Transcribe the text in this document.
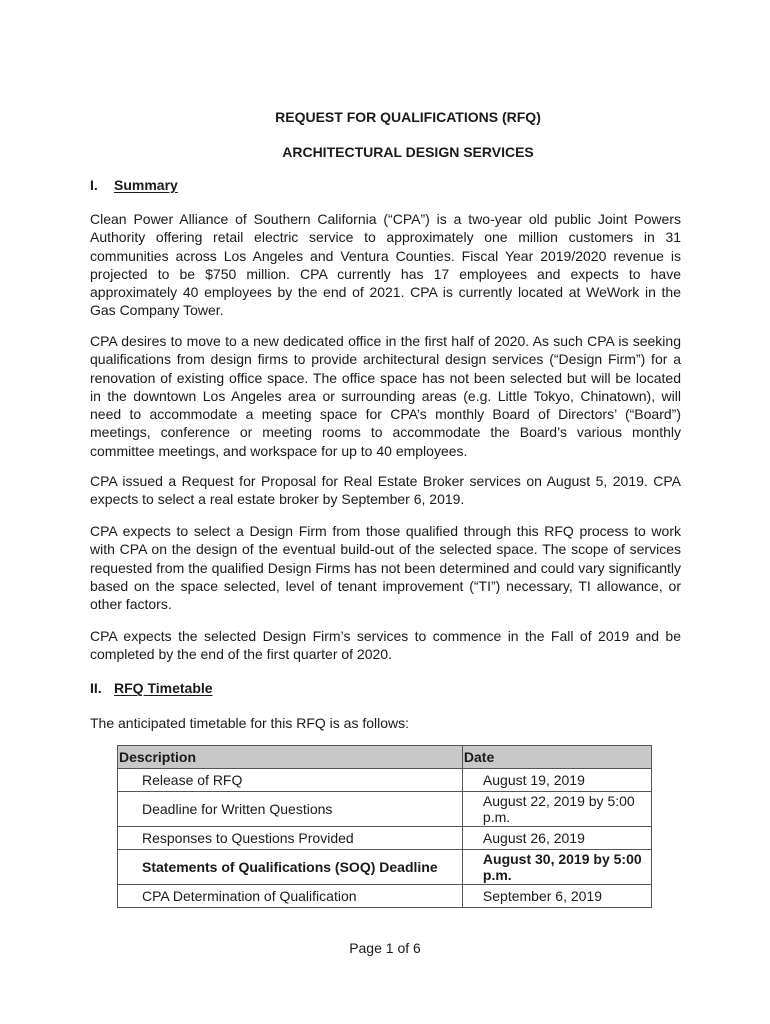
REQUEST FOR QUALIFICATIONS (RFQ)
ARCHITECTURAL DESIGN SERVICES
I. Summary
Clean Power Alliance of Southern California (“CPA”) is a two-year old public Joint Powers Authority offering retail electric service to approximately one million customers in 31 communities across Los Angeles and Ventura Counties. Fiscal Year 2019/2020 revenue is projected to be $750 million. CPA currently has 17 employees and expects to have approximately 40 employees by the end of 2021. CPA is currently located at WeWork in the Gas Company Tower.
CPA desires to move to a new dedicated office in the first half of 2020. As such CPA is seeking qualifications from design firms to provide architectural design services (“Design Firm”) for a renovation of existing office space. The office space has not been selected but will be located in the downtown Los Angeles area or surrounding areas (e.g. Little Tokyo, Chinatown), will need to accommodate a meeting space for CPA’s monthly Board of Directors’ (“Board”) meetings, conference or meeting rooms to accommodate the Board’s various monthly committee meetings, and workspace for up to 40 employees.
CPA issued a Request for Proposal for Real Estate Broker services on August 5, 2019. CPA expects to select a real estate broker by September 6, 2019.
CPA expects to select a Design Firm from those qualified through this RFQ process to work with CPA on the design of the eventual build-out of the selected space. The scope of services requested from the qualified Design Firms has not been determined and could vary significantly based on the space selected, level of tenant improvement (“TI”) necessary, TI allowance, or other factors.
CPA expects the selected Design Firm’s services to commence in the Fall of 2019 and be completed by the end of the first quarter of 2020.
II. RFQ Timetable
The anticipated timetable for this RFQ is as follows:
Description	Date
Release of RFQ	August 19, 2019
Deadline for Written Questions	August 22, 2019 by 5:00 p.m.
Responses to Questions Provided	August 26, 2019
Statements of Qualifications (SOQ) Deadline	August 30, 2019 by 5:00 p.m.
CPA Determination of Qualification	September 6, 2019
Page 1 of 6
